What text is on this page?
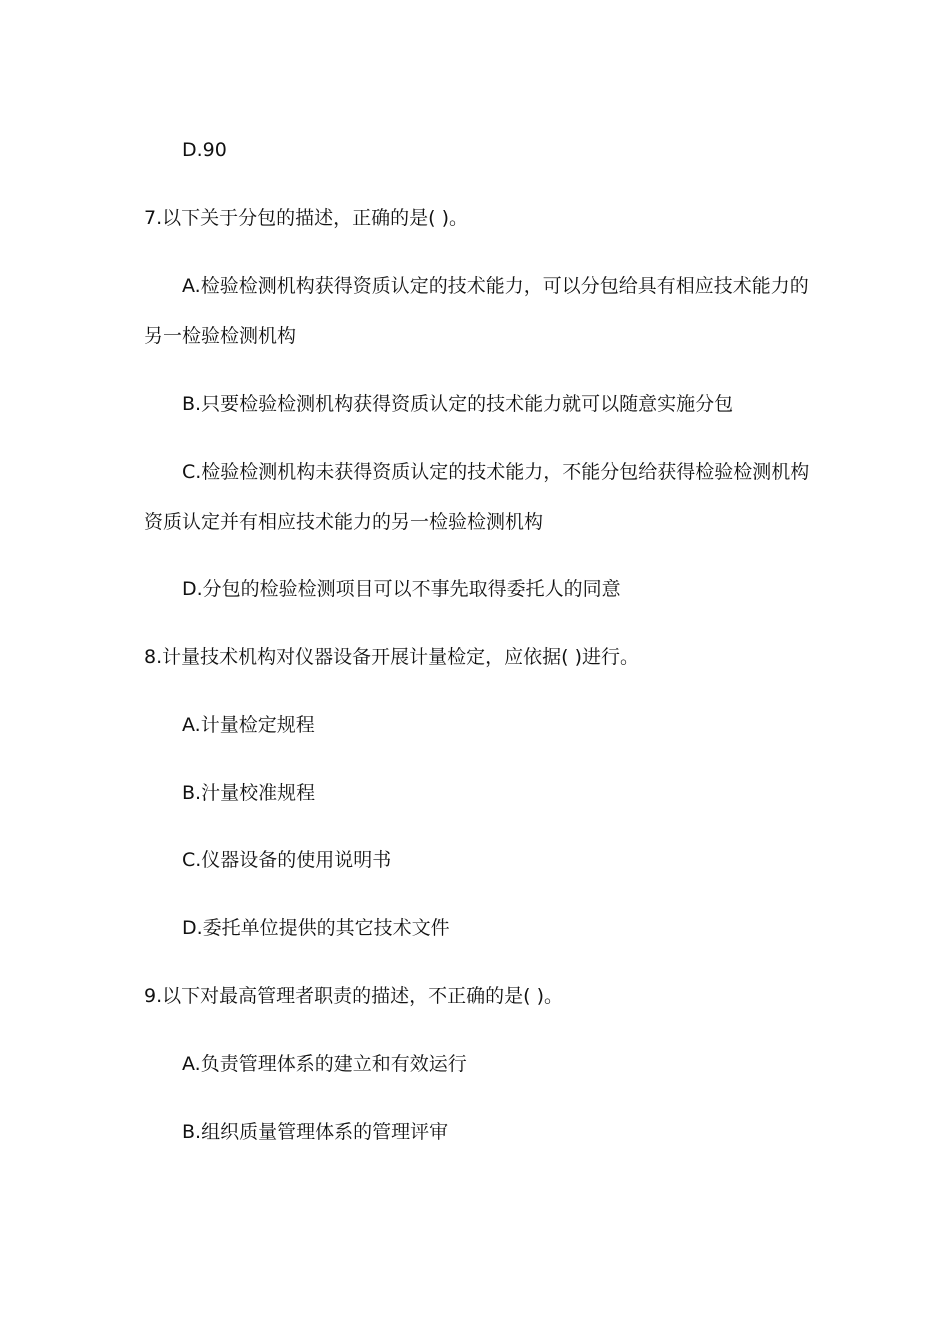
D.90
7.以下关于分包的描述，正确的是( )。
A.检验检测机构获得资质认定的技术能力，可以分包给具有相应技术能力的
另一检验检测机构
B.只要检验检测机构获得资质认定的技术能力就可以随意实施分包
C.检验检测机构未获得资质认定的技术能力，不能分包给获得检验检测机构
资质认定并有相应技术能力的另一检验检测机构
D.分包的检验检测项目可以不事先取得委托人的同意
8.计量技术机构对仪器设备开展计量检定，应依据( )进行。
A.计量检定规程
B.汁量校准规程
C.仪器设备的使用说明书
D.委托单位提供的其它技术文件
9.以下对最高管理者职责的描述，不正确的是( )。
A.负责管理体系的建立和有效运行
B.组织质量管理体系的管理评审
